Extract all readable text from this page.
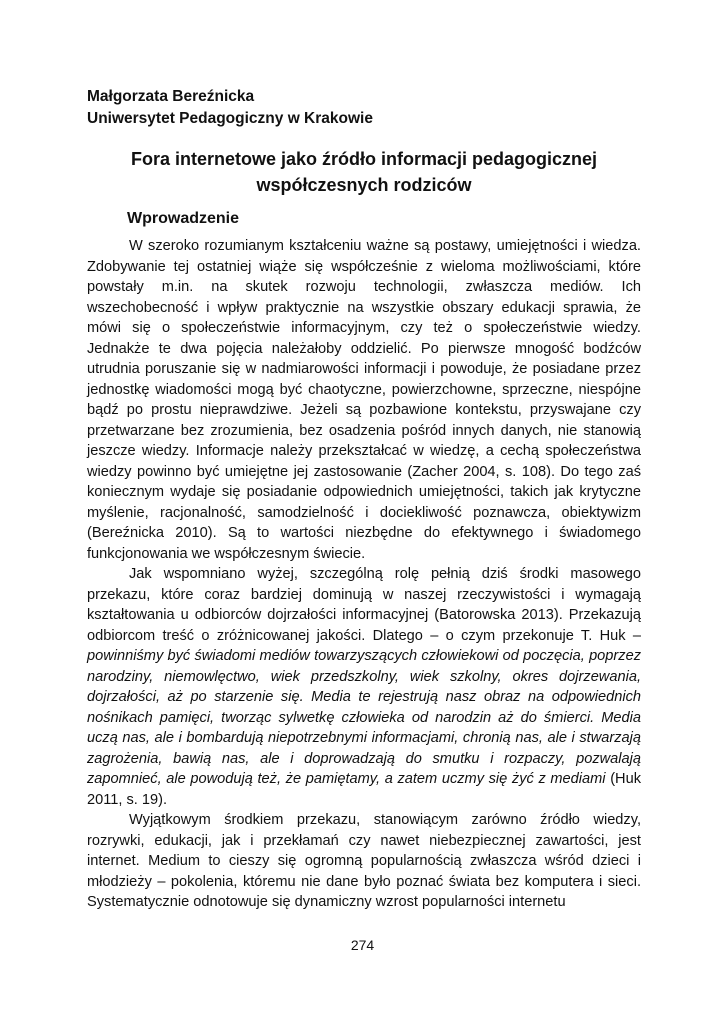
Małgorzata Bereźnicka
Uniwersytet Pedagogiczny w Krakowie
Fora internetowe jako źródło informacji pedagogicznej współczesnych rodziców
Wprowadzenie

W szeroko rozumianym kształceniu ważne są postawy, umiejętności i wiedza. Zdobywanie tej ostatniej wiąże się współcześnie z wieloma możliwościami, które powstały m.in. na skutek rozwoju technologii, zwłaszcza mediów. Ich wszechobecność i wpływ praktycznie na wszystkie obszary edukacji sprawia, że mówi się o społeczeństwie informacyjnym, czy też o społeczeństwie wiedzy. Jednakże te dwa pojęcia należałoby oddzielić. Po pierwsze mnogość bodźców utrudnia poruszanie się w nadmiarowości informacji i powoduje, że posiadane przez jednostkę wiadomości mogą być chaotyczne, powierzchowne, sprzeczne, niespójne bądź po prostu nieprawdziwe. Jeżeli są pozbawione kontekstu, przyswajane czy przetwarzane bez zrozumienia, bez osadzenia pośród innych danych, nie stanowią jeszcze wiedzy. Informacje należy przekształcać w wiedzę, a cechą społeczeństwa wiedzy powinno być umiejętne jej zastosowanie (Zacher 2004, s. 108). Do tego zaś koniecznym wydaje się posiadanie odpowiednich umiejętności, takich jak krytyczne myślenie, racjonalność, samodzielność i dociekliwość poznawcza, obiektywizm (Bereźnicka 2010). Są to wartości niezbędne do efektywnego i świadomego funkcjonowania we współczesnym świecie.

Jak wspomniano wyżej, szczególną rolę pełnią dziś środki masowego przekazu, które coraz bardziej dominują w naszej rzeczywistości i wymagają kształtowania u odbiorców dojrzałości informacyjnej (Batorowska 2013). Przekazują odbiorcom treść o zróżnicowanej jakości. Dlatego – o czym przekonuje T. Huk – powinniśmy być świadomi mediów towarzyszących człowiekowi od poczęcia, poprzez narodziny, niemowlęctwo, wiek przedszkolny, wiek szkolny, okres dojrzewania, dojrzałości, aż po starzenie się. Media te rejestrują nasz obraz na odpowiednich nośnikach pamięci, tworząc sylwetkę człowieka od narodzin aż do śmierci. Media uczą nas, ale i bombardują niepotrzebnymi informacjami, chronią nas, ale i stwarzają zagrożenia, bawią nas, ale i doprowadzają do smutku i rozpaczy, pozwalają zapomnieć, ale powodują też, że pamiętamy, a zatem uczmy się żyć z mediami (Huk 2011, s. 19).

Wyjątkowym środkiem przekazu, stanowiącym zarówno źródło wiedzy, rozrywki, edukacji, jak i przekłamań czy nawet niebezpiecznej zawartości, jest internet. Medium to cieszy się ogromną popularnością zwłaszcza wśród dzieci i młodzieży – pokolenia, któremu nie dane było poznać świata bez komputera i sieci. Systematycznie odnotowuje się dynamiczny wzrost popularności internetu

274
